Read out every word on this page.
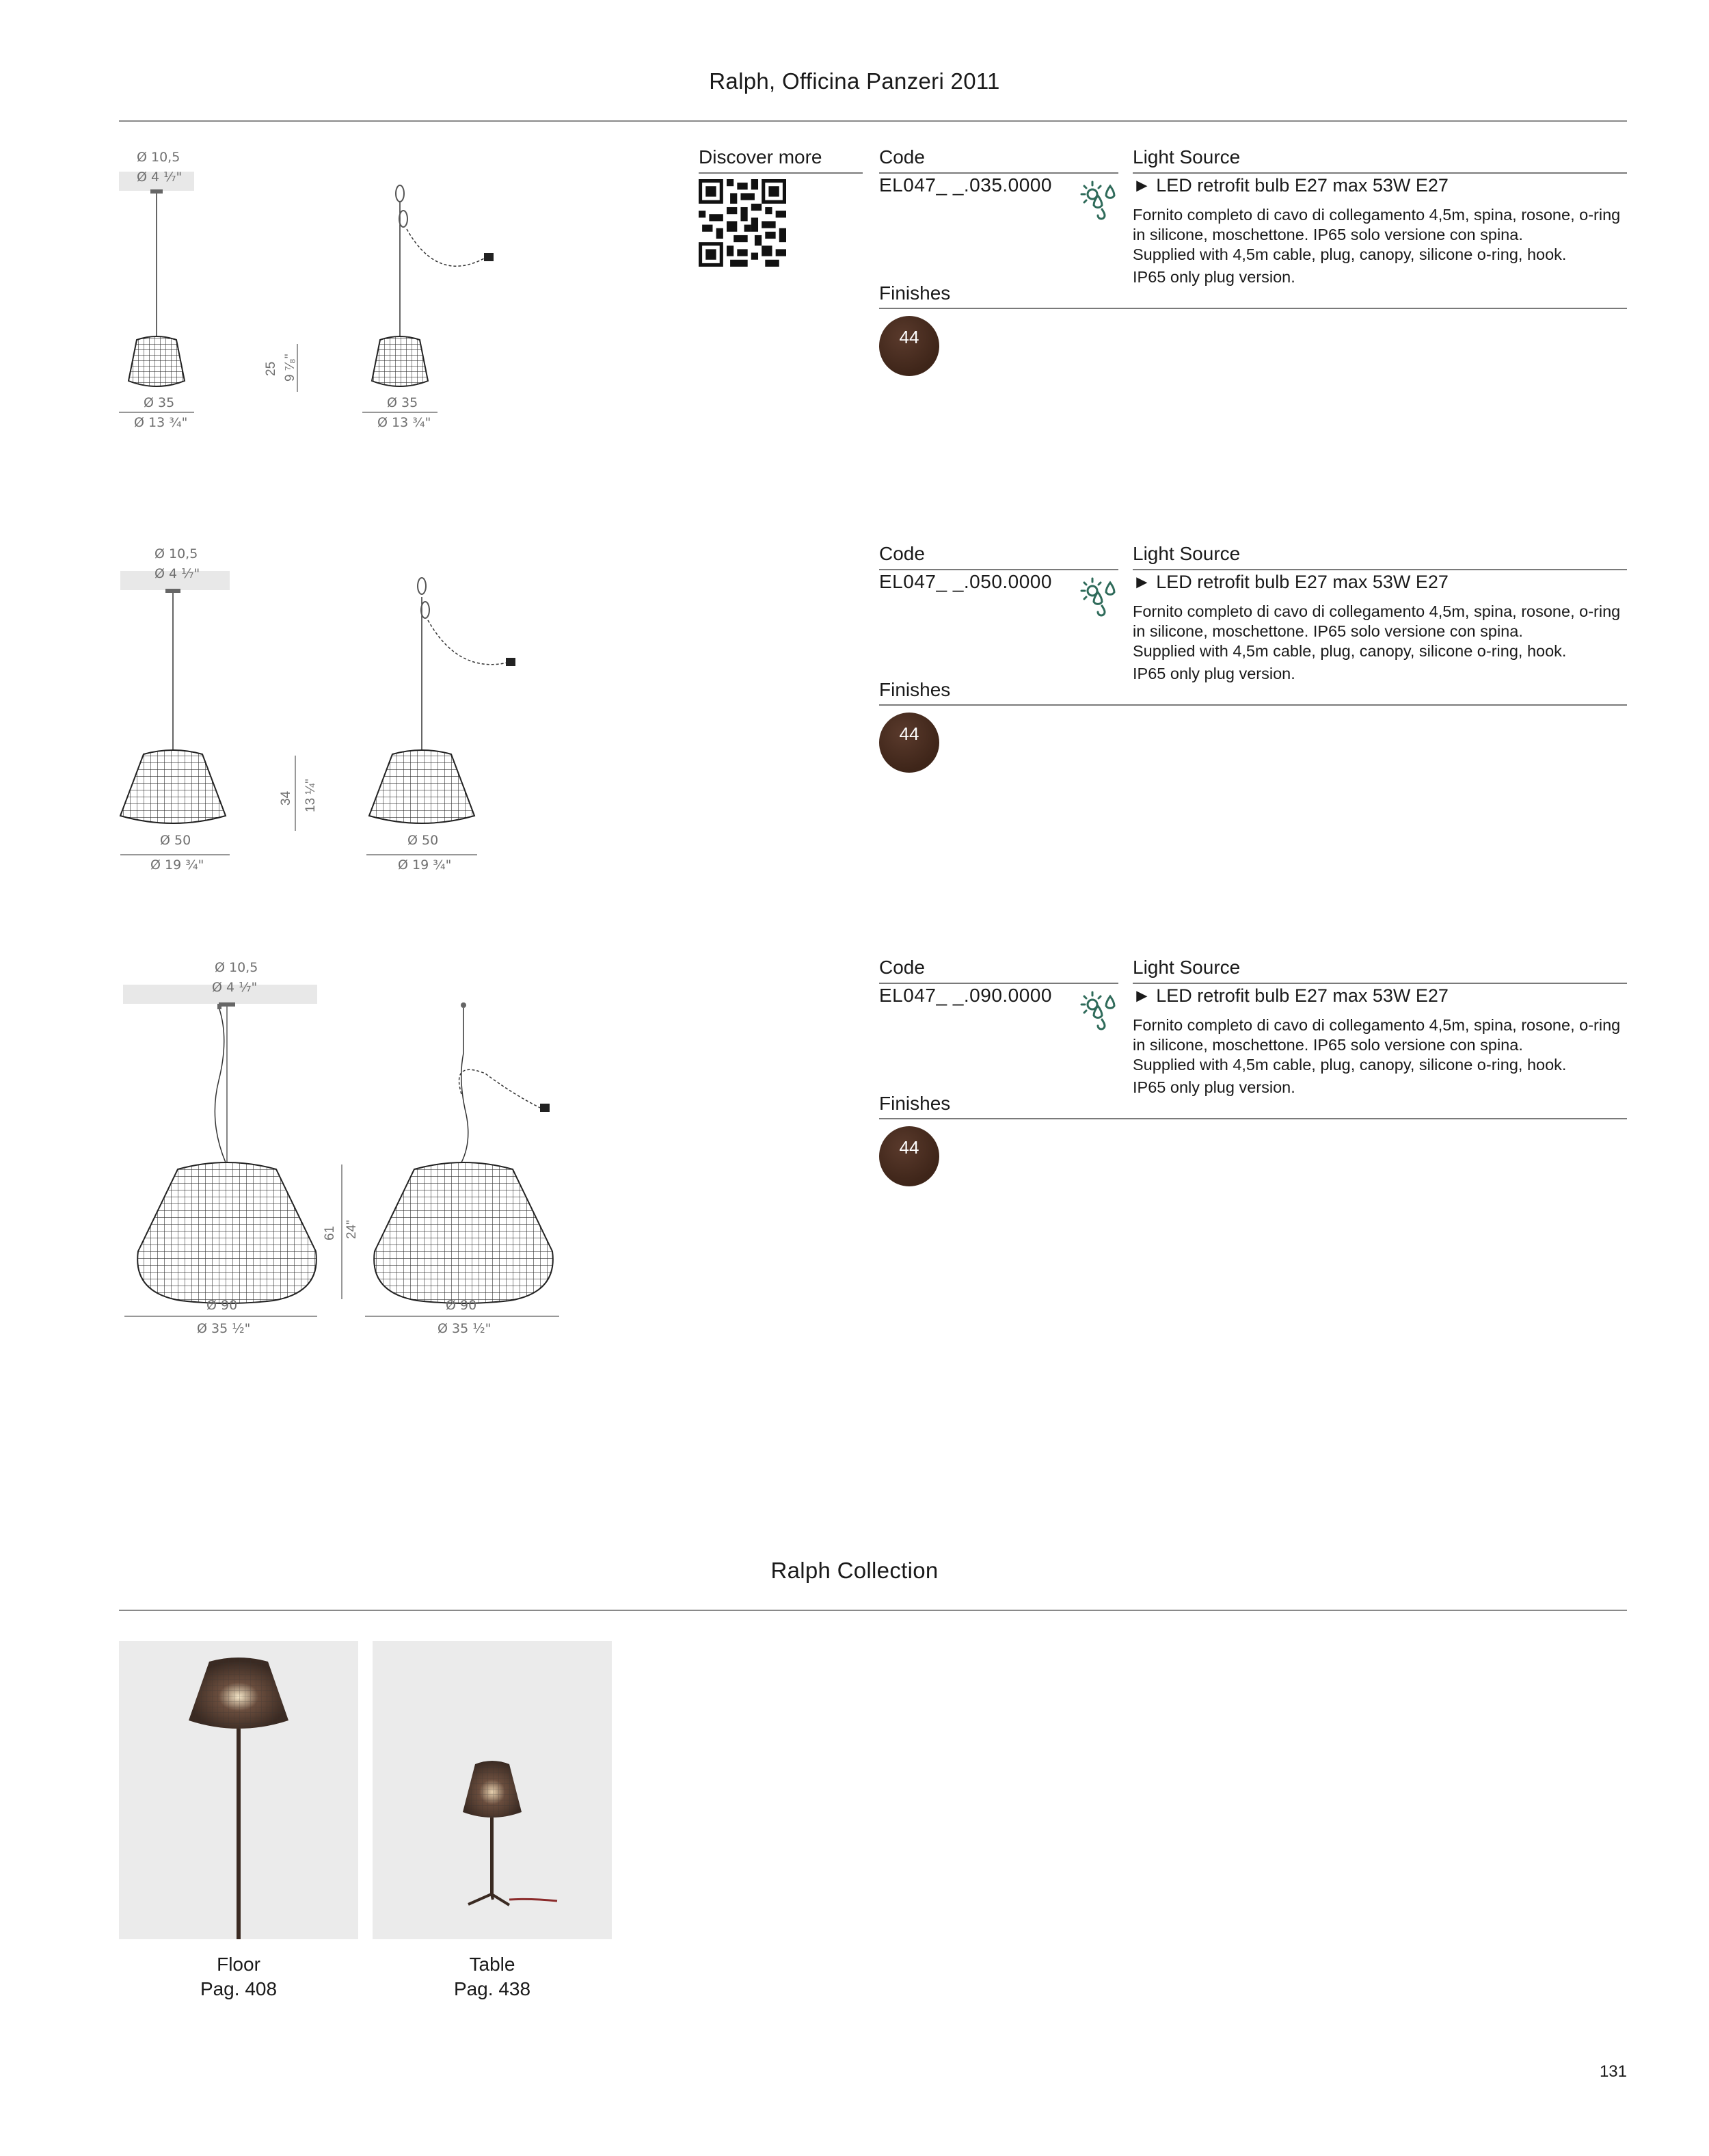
Ralph, Officina Panzeri 2011
Discover more
Ø 10,5
Ø 4 ¹⁄₇"
Ø 35
Ø 13 ¾"
Ø 35
Ø 13 ¾"
25 9 ⁷⁄₈"
Code
EL047_ _.035.0000
Light Source
► LED retrofit bulb E27 max 53W E27

Fornito completo di cavo di collegamento 4,5m, spina, rosone, o-ring in silicone, moschettone. IP65 solo versione con spina.

Supplied with 4,5m cable, plug, canopy, silicone o-ring, hook.

IP65 only plug version.

Finishes
44
Ø 10,5
Ø 4 ¹⁄₇"
Ø 50
Ø 19 ¾"
Ø 50
Ø 19 ¾"
34 13 ¼"
Code
EL047_ _.050.0000
Light Source
► LED retrofit bulb E27 max 53W E27

Fornito completo di cavo di collegamento 4,5m, spina, rosone, o-ring in silicone, moschettone. IP65 solo versione con spina.

Supplied with 4,5m cable, plug, canopy, silicone o-ring, hook.

IP65 only plug version.

Finishes
44
Ø 10,5
Ø 4 ¹⁄₇"
Ø 90
Ø 35 ½"
Ø 90
Ø 35 ½"
61 24"
Code
EL047_ _.090.0000
Light Source
► LED retrofit bulb E27 max 53W E27

Fornito completo di cavo di collegamento 4,5m, spina, rosone, o-ring in silicone, moschettone. IP65 solo versione con spina.

Supplied with 4,5m cable, plug, canopy, silicone o-ring, hook.

IP65 only plug version.

Finishes
44
Ralph Collection
Floor
Pag. 408
Table
Pag. 438
131
